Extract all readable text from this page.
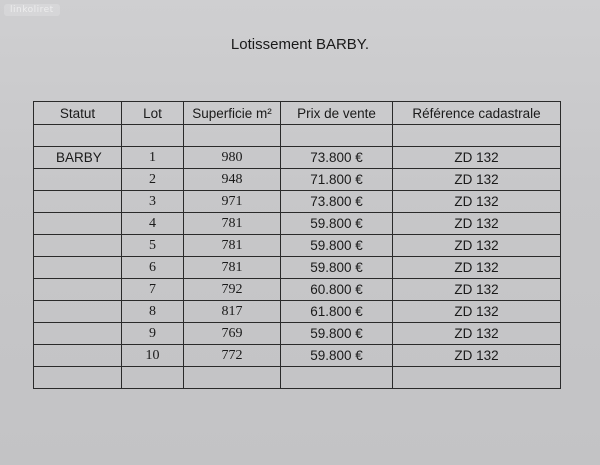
linkoliret
Lotissement BARBY.
Statut	Lot	Superficie m²	Prix de vente	Référence cadastrale

BARBY	1	980	73.800 €	ZD 132
	2	948	71.800 €	ZD 132
	3	971	73.800 €	ZD 132
	4	781	59.800 €	ZD 132
	5	781	59.800 €	ZD 132
	6	781	59.800 €	ZD 132
	7	792	60.800 €	ZD 132
	8	817	61.800 €	ZD 132
	9	769	59.800 €	ZD 132
	10	772	59.800 €	ZD 132
